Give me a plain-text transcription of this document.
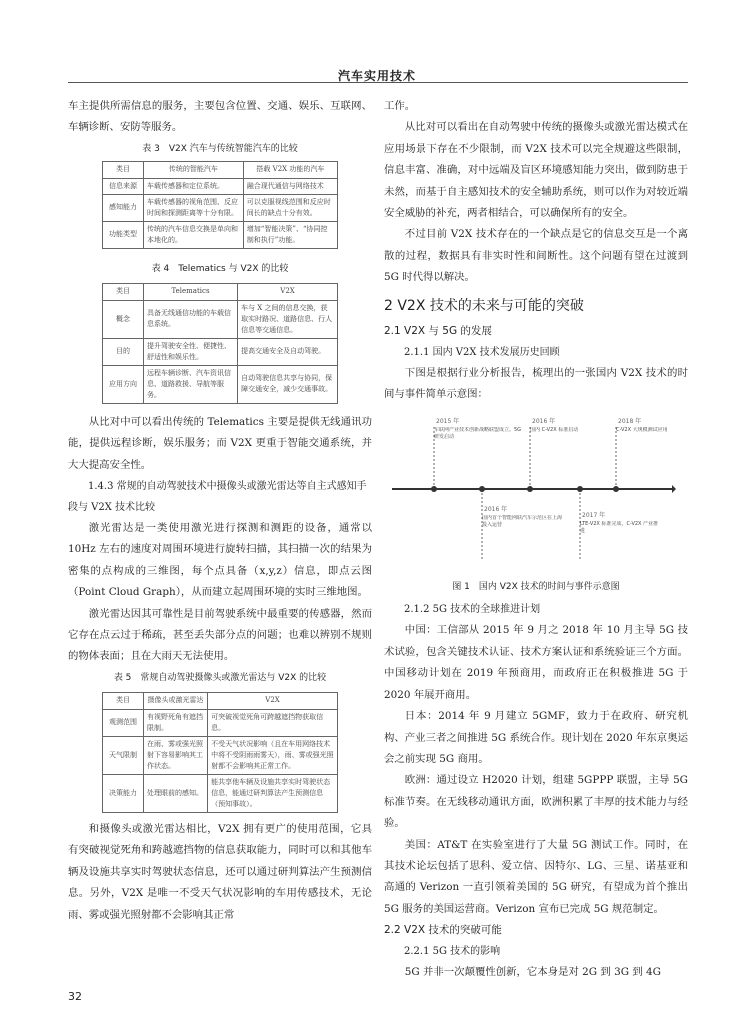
汽车实用技术

车主提供所需信息的服务，主要包含位置、交通、娱乐、互联网、车辆诊断、安防等服务。

表 3　V2X 汽车与传统智能汽车的比较

类目	传统的智能汽车	搭载 V2X 功能的汽车
信息来源	车载传感器和定位系统。	融合现代通信与网络技术
感知能力	车载传感器的视角范围、反应时间和探测距离等十分有限。	可以克服视线范围和反应时间长的缺点十分有效。
功能类型	传统的汽车信息交换是单向和本地化的。	增加“智能决策”、“协同控制和执行”功能。

表 4　Telematics 与 V2X 的比较

类目	Telematics	V2X
概念	具备无线通信功能的车载信息系统。	车与 X 之间的信息交换，获取实时路况、道路信息、行人信息等交通信息。
目的	提升驾驶安全性、便捷性、舒适性和娱乐性。	提高交通安全及自动驾驶。
应用方向	远程车辆诊断、汽车资讯信息、道路救援、导航等服务。	自动驾驶信息共享与协同，保障交通安全，减少交通事故。

从比对中可以看出传统的 Telematics 主要是提供无线通讯功能，提供远程诊断，娱乐服务；而 V2X 更重于智能交通系统，并大大提高安全性。

1.4.3 常规的自动驾驶技术中摄像头或激光雷达等自主式感知手段与 V2X 技术比较

激光雷达是一类使用激光进行探测和测距的设备，通常以 10Hz 左右的速度对周围环境进行旋转扫描，其扫描一次的结果为密集的点构成的三维图，每个点具备（x,y,z）信息，即点云图（Point Cloud Graph），从而建立起周围环境的实时三维地图。

激光雷达因其可靠性是目前驾驶系统中最重要的传感器，然而它存在点云过于稀疏，甚至丢失部分点的问题；也难以辨别不规则的物体表面；且在大雨天无法使用。

表 5　常规自动驾驶摄像头或激光雷达与 V2X 的比较

类目	摄像头或激光雷达	V2X
观测范围	有视野死角有遮挡限制。	可突破视觉死角可跨越遮挡物获取信息。
天气限制	在雨、雾或强光照射下容易影响其工作状态。	不受天气状况影响（且在车用网络技术中将不受阴雨雨雾天），雨、雾或强光照射都不会影响其正常工作。
决策能力	处理眼前的感知。	能共享他车辆及设施共享实时驾驶状态信息，能通过研判算法产生预测信息（预知事故）。

和摄像头或激光雷达相比，V2X 拥有更广的使用范围，它具有突破视觉死角和跨越遮挡物的信息获取能力，同时可以和其他车辆及设施共享实时驾驶状态信息，还可以通过研判算法产生预测信息。另外，V2X 是唯一不受天气状况影响的车用传感技术，无论雨、雾或强光照射都不会影响其正常

工作。

从比对可以看出在自动驾驶中传统的摄像头或激光雷达模式在应用场景下存在不少限制，而 V2X 技术可以完全规避这些限制，信息丰富、准确，对中远端及盲区环境感知能力突出，做到防患于未然，而基于自主感知技术的安全辅助系统，则可以作为对较近端安全威胁的补充，两者相结合，可以确保所有的安全。

不过目前 V2X 技术存在的一个缺点是它的信息交互是一个离散的过程，数据具有非实时性和间断性。这个问题有望在过渡到 5G 时代得以解决。

2 V2X 技术的未来与可能的突破
2.1 V2X 与 5G 的发展

2.1.1 国内 V2X 技术发展历史回顾

下图是根据行业分析报告，梳理出的一张国内 V2X 技术的时间与事件简单示意图：

2015 年
车联网产业技术创新战略联盟成立。5G 研发启动
2016 年
国内 C-V2X 标准启动
2018 年
C-V2X 大规模测试应用
2016 年
国内首个智能网联汽车示范区在上海投入运营
2017 年
LTE-V2X 标准完成，C-V2X 产业推进

图 1　国内 V2X 技术的时间与事件示意图

2.1.2 5G 技术的全球推进计划

中国：工信部从 2015 年 9 月之 2018 年 10 月主导 5G 技术试验，包含关键技术认证、技术方案认证和系统验证三个方面。中国移动计划在 2019 年预商用，而政府正在积极推进 5G 于 2020 年展开商用。

日本：2014 年 9 月建立 5GMF，致力于在政府、研究机构、产业三者之间推进 5G 系统合作。现计划在 2020 年东京奥运会之前实现 5G 商用。

欧洲：通过设立 H2020 计划，组建 5GPPP 联盟，主导 5G 标准节奏。在无线移动通讯方面，欧洲积累了丰厚的技术能力与经验。

美国：AT&T 在实验室进行了大量 5G 测试工作。同时，在其技术论坛包括了思科、爱立信、因特尔、LG、三星、诺基亚和高通的 Verizon 一直引领着美国的 5G 研究，有望成为首个推出 5G 服务的美国运营商。Verizon 宣布已完成 5G 规范制定。

2.2 V2X 技术的突破可能

2.2.1 5G 技术的影响

5G 并非一次颠覆性创新，它本身是对 2G 到 3G 到 4G

32
